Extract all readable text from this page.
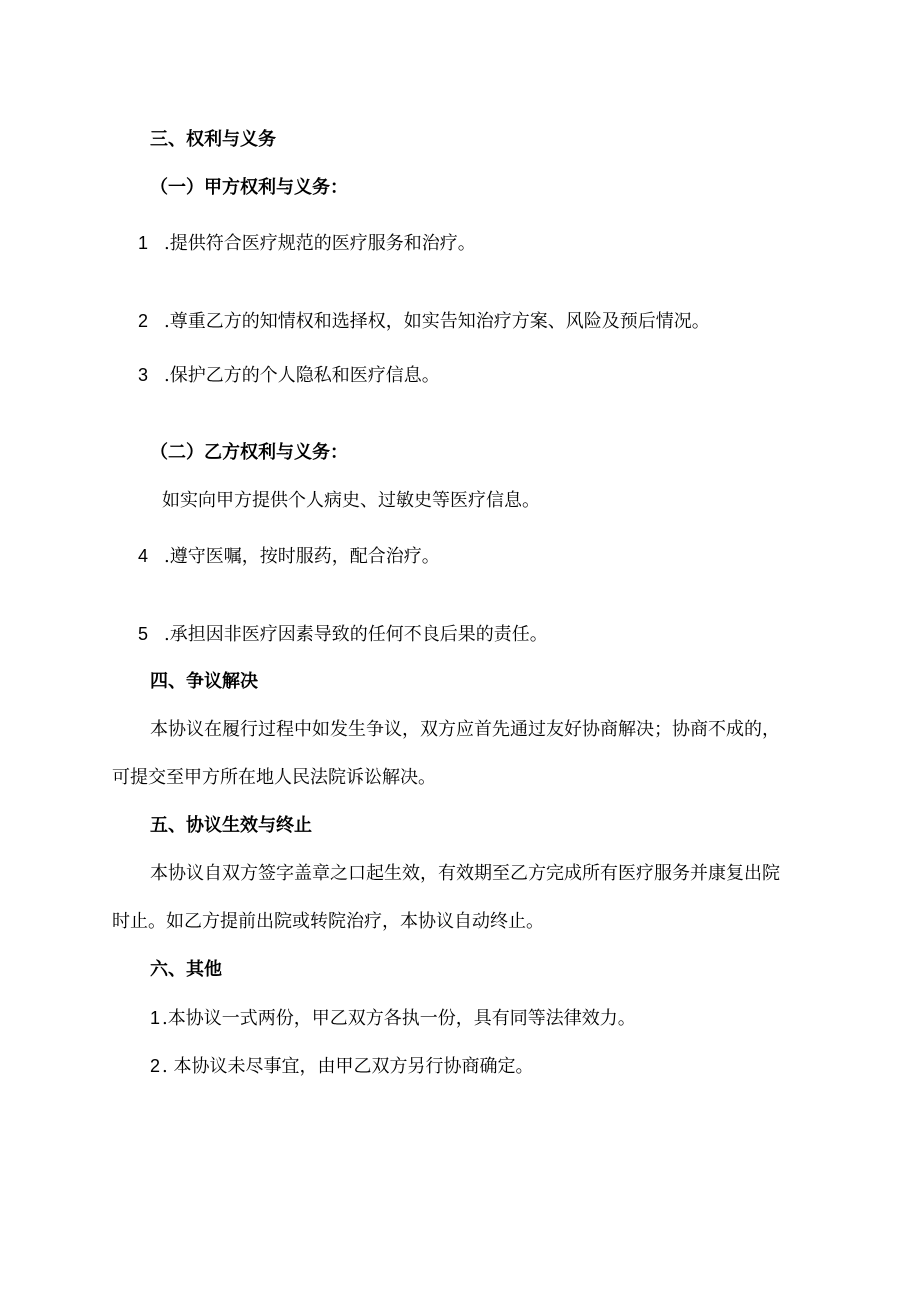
三、权利与义务
（一）甲方权利与义务：
1 .提供符合医疗规范的医疗服务和治疗。
2 .尊重乙方的知情权和选择权，如实告知治疗方案、风险及预后情况。
3 .保护乙方的个人隐私和医疗信息。
（二）乙方权利与义务：
如实向甲方提供个人病史、过敏史等医疗信息。
4 .遵守医嘱，按时服药，配合治疗。
5 .承担因非医疗因素导致的任何不良后果的责任。
四、争议解决
本协议在履行过程中如发生争议，双方应首先通过友好协商解决；协商不成的，
可提交至甲方所在地人民法院诉讼解决。
五、协议生效与终止
本协议自双方签字盖章之口起生效，有效期至乙方完成所有医疗服务并康复出院
时止。如乙方提前出院或转院治疗，本协议自动终止。
六、其他
1 .本协议一式两份，甲乙双方各执一份，具有同等法律效力。
2 . 本协议未尽事宜，由甲乙双方另行协商确定。
